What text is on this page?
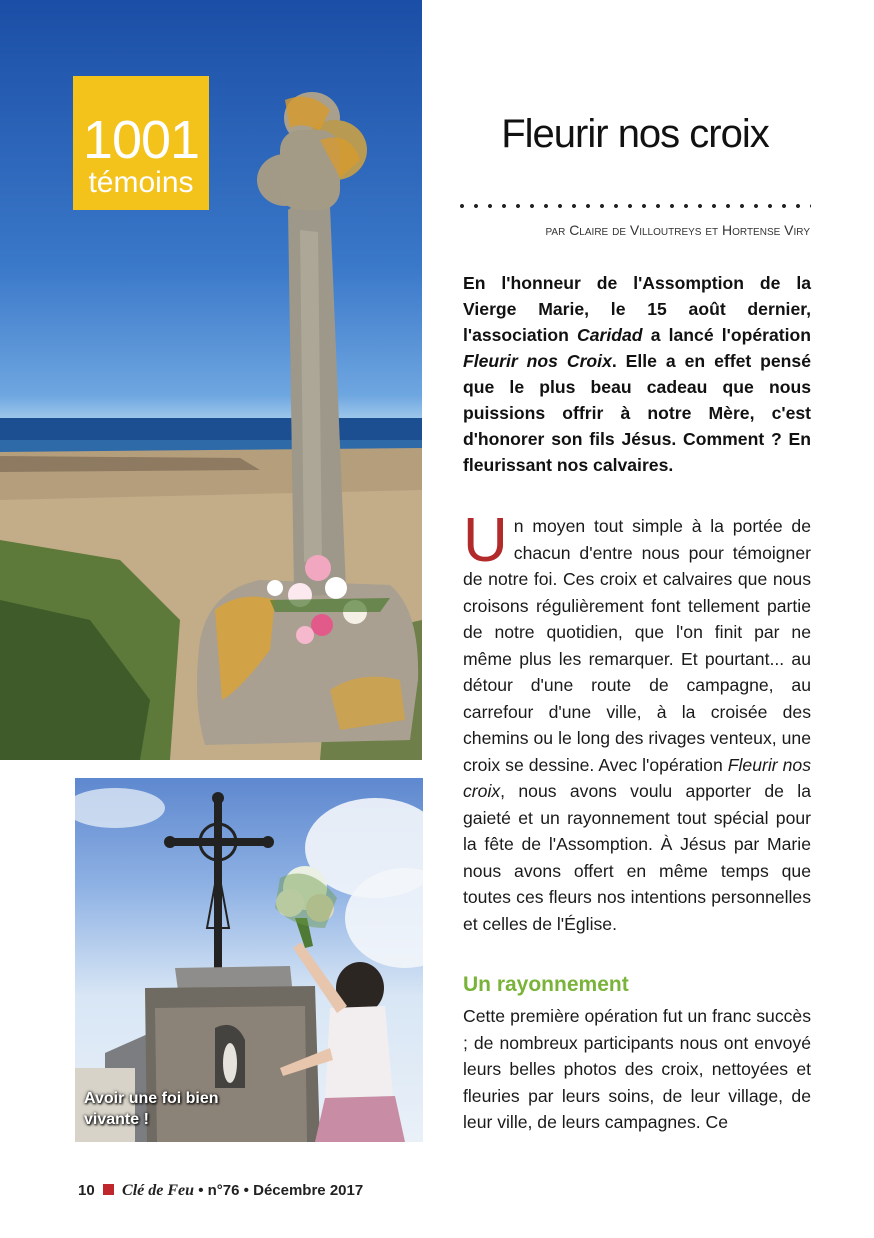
1001
témoins
Avoir une foi bien
vivante !
Fleurir nos croix
par Claire de Villoutreys et Hortense Viry
En l'honneur de l'Assomption de la Vierge Marie, le 15 août dernier, l'association Caridad a lancé l'opération Fleurir nos Croix. Elle a en effet pensé que le plus beau cadeau que nous puissions offrir à notre Mère, c'est d'honorer son fils Jésus. Comment ? En fleurissant nos calvaires.
Un moyen tout simple à la portée de chacun d'entre nous pour témoigner de notre foi. Ces croix et calvaires que nous croisons régulièrement font tellement partie de notre quotidien, que l'on finit par ne même plus les remarquer. Et pourtant... au détour d'une route de campagne, au carrefour d'une ville, à la croisée des chemins ou le long des rivages venteux, une croix se dessine. Avec l'opération Fleurir nos croix, nous avons voulu apporter de la gaieté et un rayonnement tout spécial pour la fête de l'Assomption. À Jésus par Marie nous avons offert en même temps que toutes ces fleurs nos intentions personnelles et celles de l'Église.
Un rayonnement
Cette première opération fut un franc succès ; de nombreux participants nous ont envoyé leurs belles photos des croix, nettoyées et fleuries par leurs soins, de leur village, de leur ville, de leurs campagnes. Ce
10 Clé de Feu • n°76 • Décembre 2017
